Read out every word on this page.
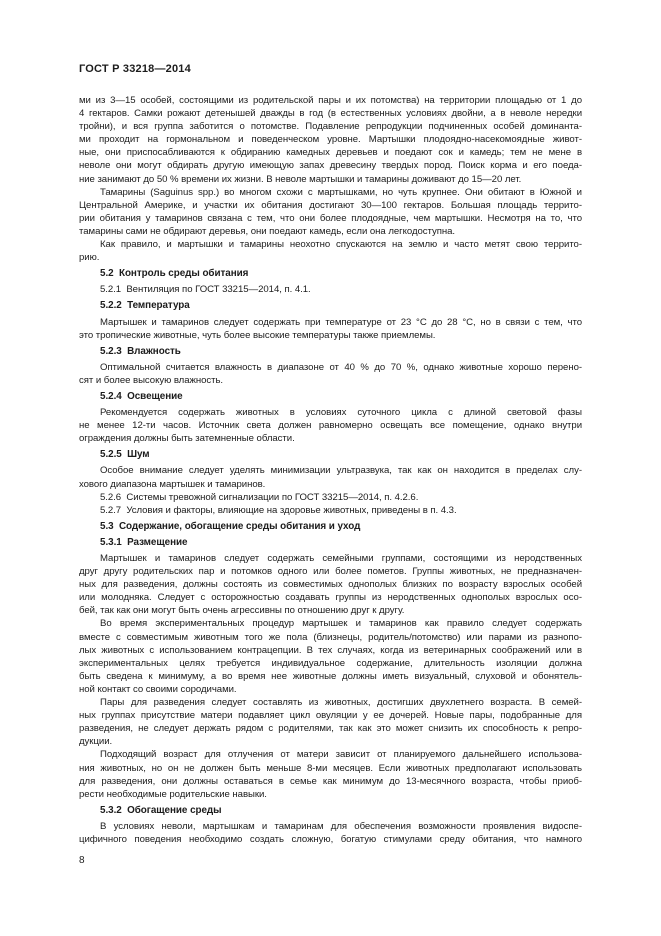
ГОСТ Р 33218—2014
ми из 3—15 особей, состоящими из родительской пары и их потомства) на территории площадью от 1 до
4 гектаров. Самки рожают детенышей дважды в год (в естественных условиях двойни, а в неволе нередки
тройни), и вся группа заботится о потомстве. Подавление репродукции подчиненных особей доминанта-
ми проходит на гормональном и поведенческом уровне. Мартышки плодоядно-насекомоядные живот-
ные, они приспосабливаются к обдиранию камедных деревьев и поедают сок и камедь; тем не мене в
неволе они могут обдирать другую имеющую запах древесину твердых пород. Поиск корма и его поеда-
ние занимают до 50 % времени их жизни. В неволе мартышки и тамарины доживают до 15—20 лет.
Тамарины (Saguinus spp.) во многом схожи с мартышками, но чуть крупнее. Они обитают в Южной и
Центральной Америке, и участки их обитания достигают 30—100 гектаров. Большая площадь террито-
рии обитания у тамаринов связана с тем, что они более плодоядные, чем мартышки. Несмотря на то, что
тамарины сами не обдирают деревья, они поедают камедь, если она легкодоступна.
Как правило, и мартышки и тамарины неохотно спускаются на землю и часто метят свою террито-
рию.
5.2  Контроль среды обитания
5.2.1  Вентиляция по ГОСТ 33215—2014, п. 4.1.
5.2.2  Температура
Мартышек и тамаринов следует содержать при температуре от 23 °С до 28 °С, но в связи с тем, что
это тропические животные, чуть более высокие температуры также приемлемы.
5.2.3  Влажность
Оптимальной считается влажность в диапазоне от 40 % до 70 %, однако животные хорошо перено-
сят и более высокую влажность.
5.2.4  Освещение
Рекомендуется содержать животных в условиях суточного цикла с длиной световой фазы
не менее 12-ти часов. Источник света должен равномерно освещать все помещение, однако внутри
ограждения должны быть затемненные области.
5.2.5  Шум
Особое внимание следует уделять минимизации ультразвука, так как он находится в пределах слу-
хового диапазона мартышек и тамаринов.
5.2.6  Системы тревожной сигнализации по ГОСТ 33215—2014, п. 4.2.6.
5.2.7  Условия и факторы, влияющие на здоровье животных, приведены в п. 4.3.
5.3  Содержание, обогащение среды обитания и уход
5.3.1  Размещение
Мартышек и тамаринов следует содержать семейными группами, состоящими из неродственных
друг другу родительских пар и потомков одного или более пометов. Группы животных, не предназначен-
ных для разведения, должны состоять из совместимых однополых близких по возрасту взрослых особей
или молодняка. Следует с осторожностью создавать группы из неродственных однополых взрослых осо-
бей, так как они могут быть очень агрессивны по отношению друг к другу.
Во время экспериментальных процедур мартышек и тамаринов как правило следует содержать
вместе с совместимым животным того же пола (близнецы, родитель/потомство) или парами из разнопо-
лых животных с использованием контрацепции. В тех случаях, когда из ветеринарных соображений или в
экспериментальных целях требуется индивидуальное содержание, длительность изоляции должна
быть сведена к минимуму, а во время нее животные должны иметь визуальный, слуховой и обонятель-
ной контакт со своими сородичами.
Пары для разведения следует составлять из животных, достигших двухлетнего возраста. В семей-
ных группах присутствие матери подавляет цикл овуляции у ее дочерей. Новые пары, подобранные для
разведения, не следует держать рядом с родителями, так как это может снизить их способность к репро-
дукции.
Подходящий возраст для отлучения от матери зависит от планируемого дальнейшего использова-
ния животных, но он не должен быть меньше 8-ми месяцев. Если животных предполагают использовать
для разведения, они должны оставаться в семье как минимум до 13-месячного возраста, чтобы приоб-
рести необходимые родительские навыки.
5.3.2  Обогащение среды
В условиях неволи, мартышкам и тамаринам для обеспечения возможности проявления видоспе-
цифичного поведения необходимо создать сложную, богатую стимулами среду обитания, что намного
8
